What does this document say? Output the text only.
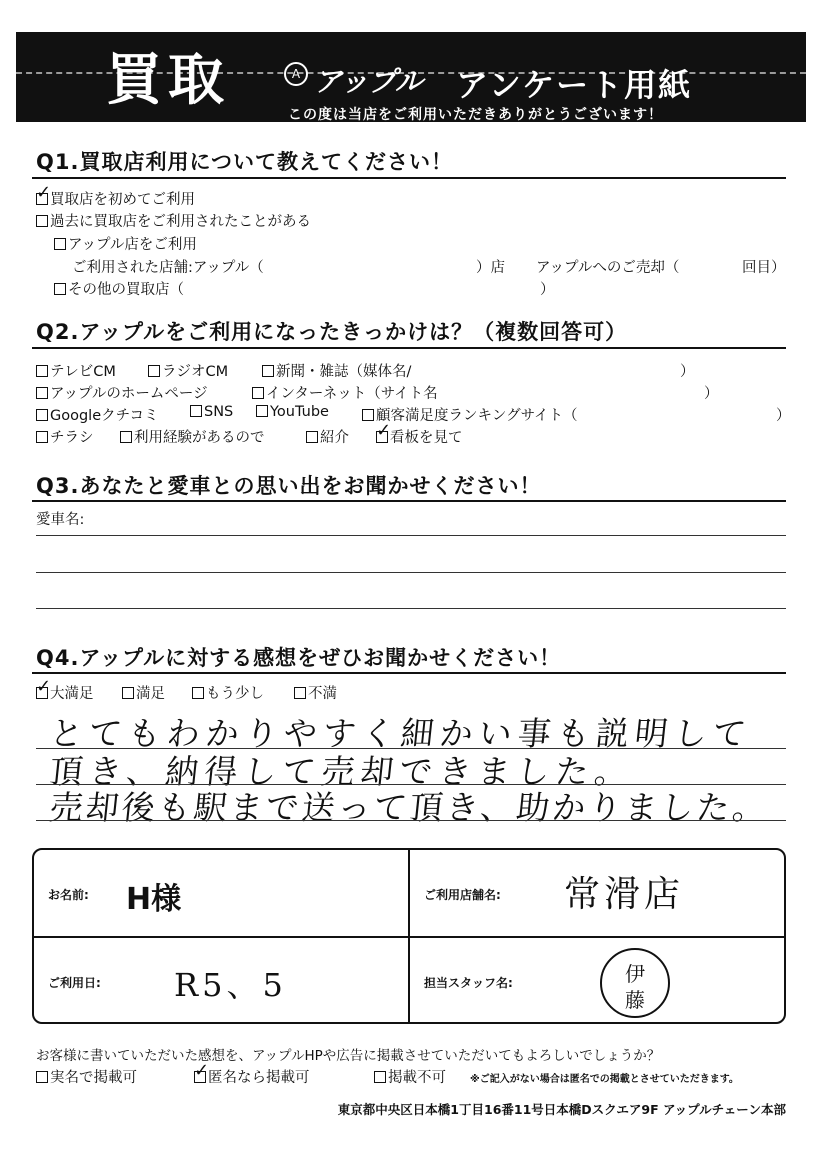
買取	A アップル アンケート用紙
この度は当店をご利用いただきありがとうございます！
Q1.買取店利用について教えてください！
✓買取店を初めてご利用
過去に買取店をご利用されたことがある
アップル店をご利用
ご利用された店舗:アップル（	）店 アップルへのご売却（	回目）
その他の買取店（	）
Q2.アップルをご利用になったきっかけは？（複数回答可）
テレビCM	ラジオCM	新聞・雑誌（媒体名/	）
アップルのホームページ	インターネット（サイト名	）
Googleクチコミ	SNS	YouTube	顧客満足度ランキングサイト（	）
チラシ	利用経験があるので	紹介 ✓	看板を見て
Q3.あなたと愛車との思い出をお聞かせください！
愛車名:
Q4.アップルに対する感想をぜひお聞かせください！
✓大満足	満足	もう少し	不満
とてもわかりやすく細かい事も説明して
頂き、納得して売却できました。
売却後も駅まで送って頂き、助かりました。
お名前: H様	ご利用店舗名: 常滑店
ご利用日: R5、5	担当スタッフ名:	伊
藤
お客様に書いていただいた感想を、アップルHPや広告に掲載させていただいてもよろしいでしょうか？
実名で掲載可 ✓	匿名なら掲載可	掲載不可 ※ご記入がない場合は匿名での掲載とさせていただきます。
東京都中央区日本橋1丁目16番11号日本橋Dスクエア9F アップルチェーン本部
